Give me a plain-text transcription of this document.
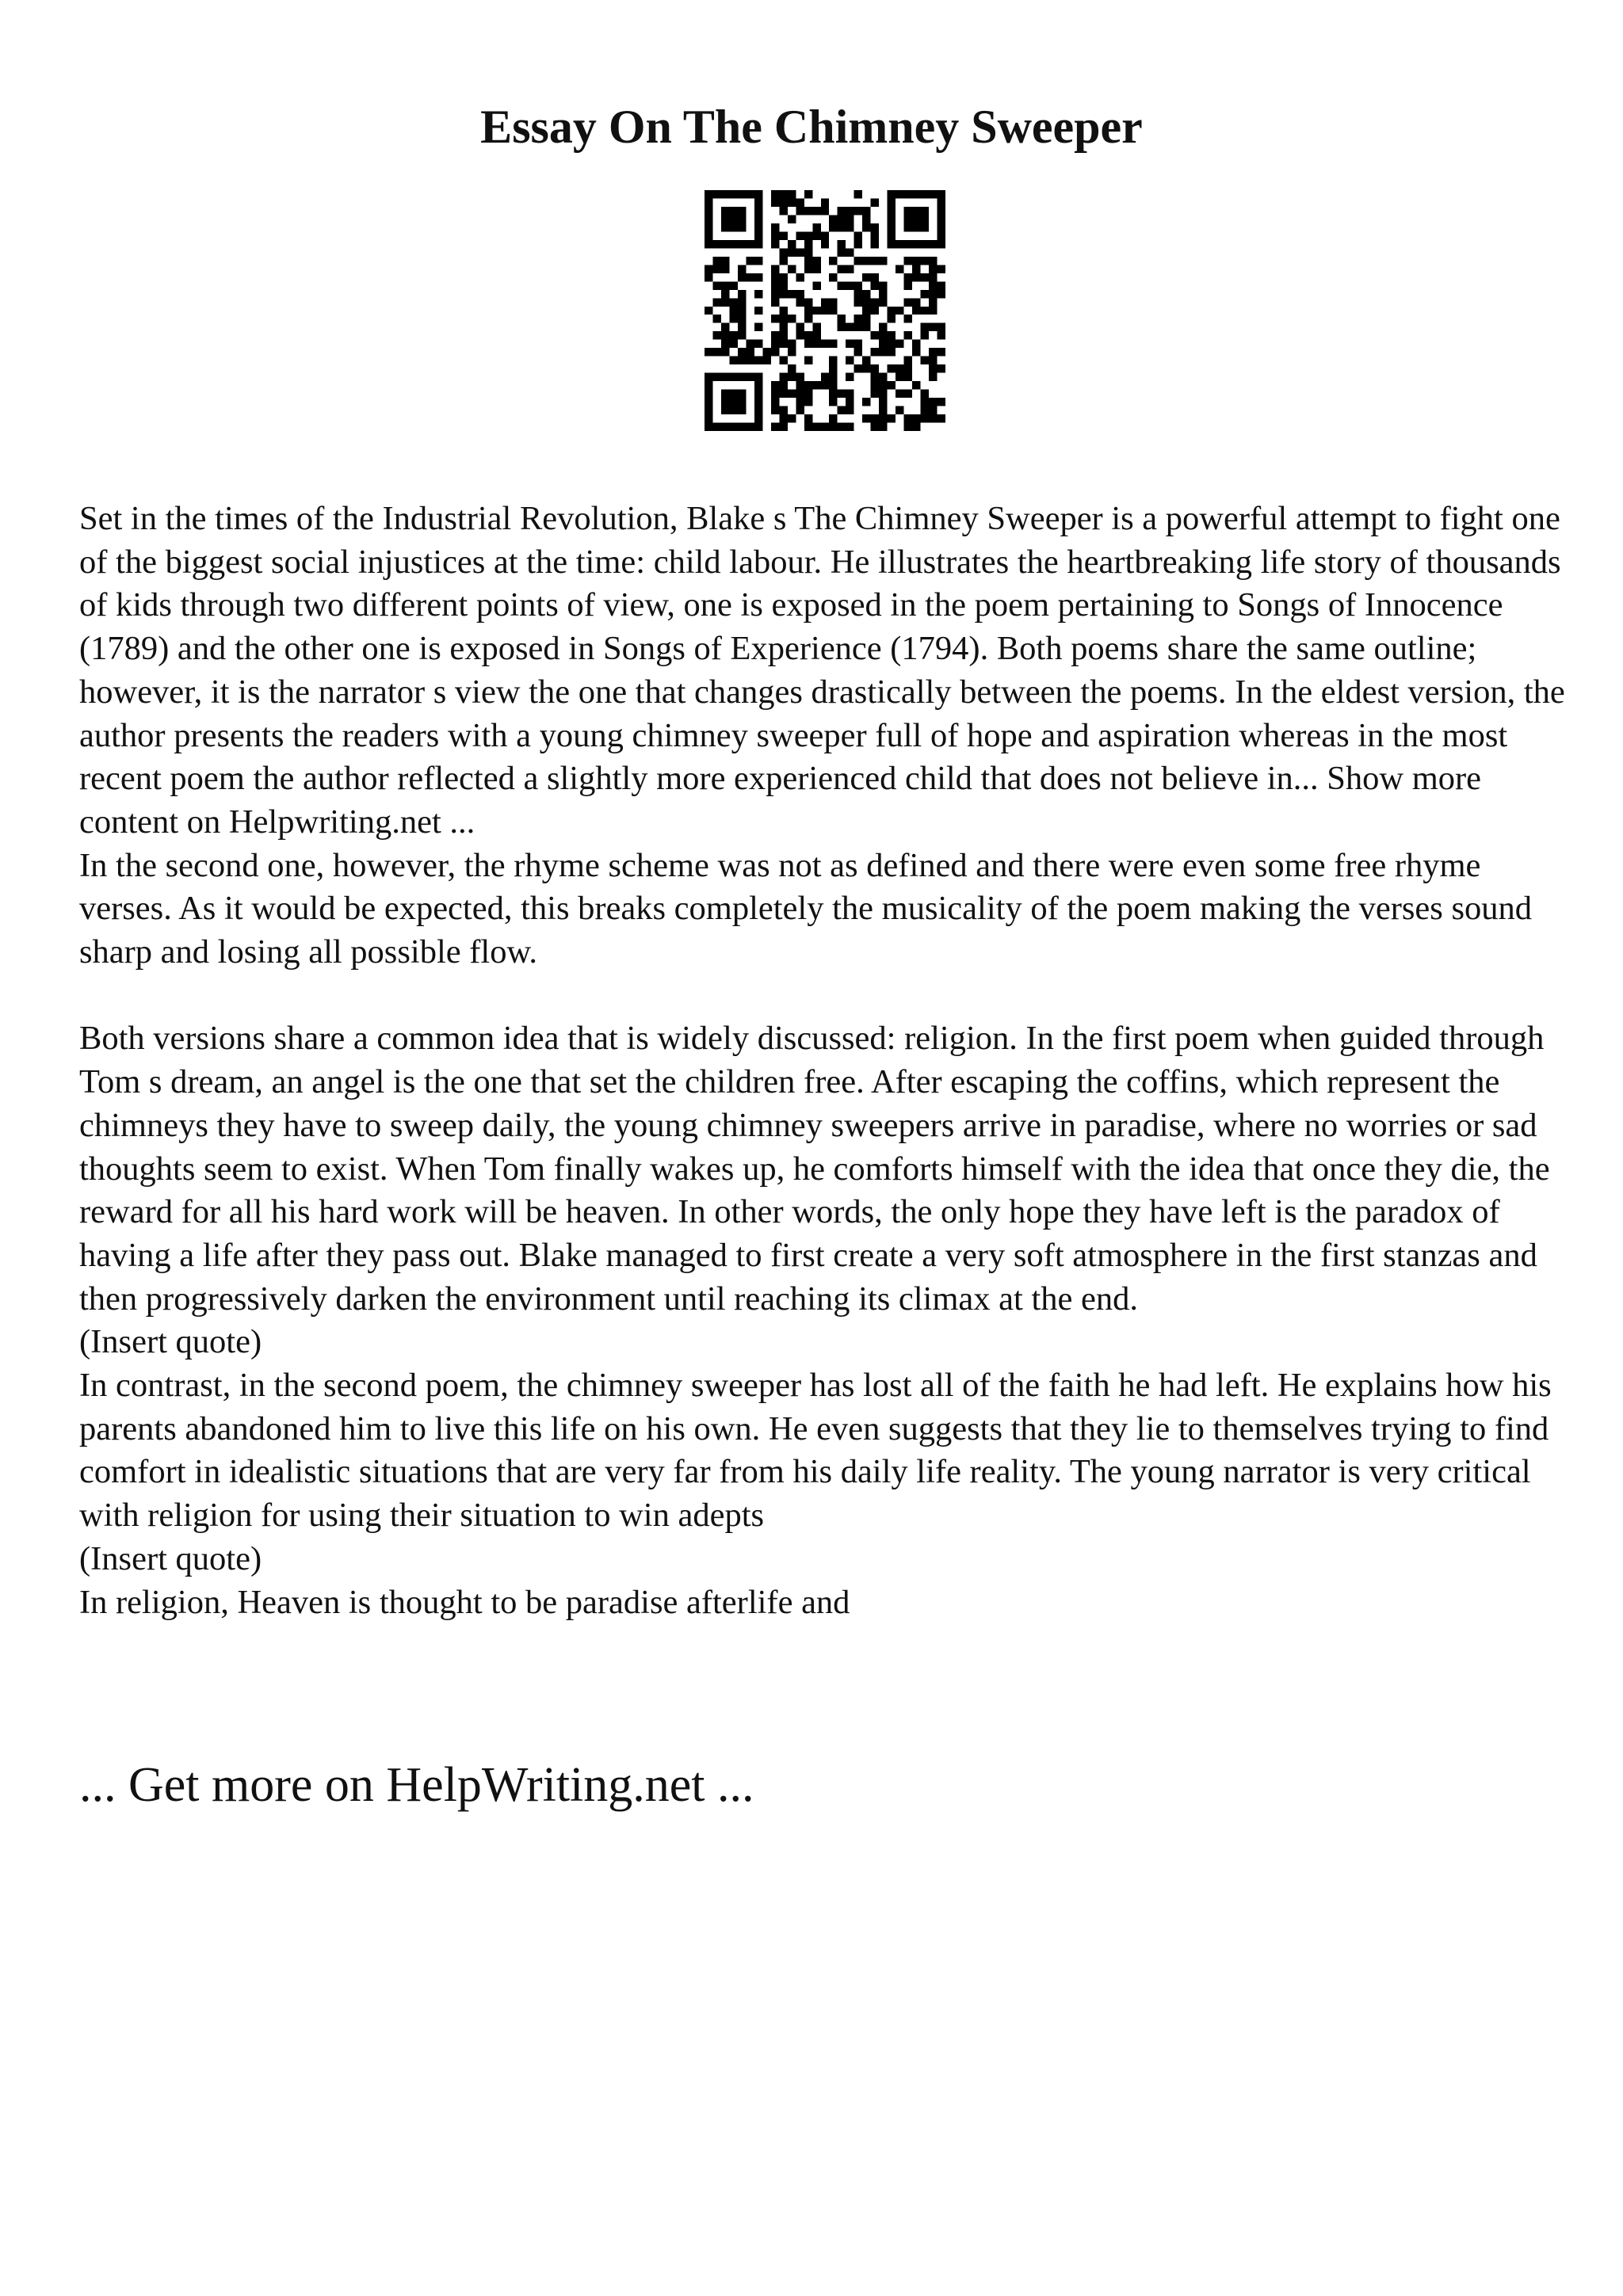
Essay On The Chimney Sweeper

Set in the times of the Industrial Revolution, Blake s The Chimney Sweeper is a powerful attempt to fight one of the biggest social injustices at the time: child labour. He illustrates the heartbreaking life story of thousands of kids through two different points of view, one is exposed in the poem pertaining to Songs of Innocence (1789) and the other one is exposed in Songs of Experience (1794). Both poems share the same outline; however, it is the narrator s view the one that changes drastically between the poems. In the eldest version, the author presents the readers with a young chimney sweeper full of hope and aspiration whereas in the most recent poem the author reflected a slightly more experienced child that does not believe in... Show more content on Helpwriting.net ...

In the second one, however, the rhyme scheme was not as defined and there were even some free rhyme verses. As it would be expected, this breaks completely the musicality of the poem making the verses sound sharp and losing all possible flow.

Both versions share a common idea that is widely discussed: religion. In the first poem when guided through Tom s dream, an angel is the one that set the children free. After escaping the coffins, which represent the chimneys they have to sweep daily, the young chimney sweepers arrive in paradise, where no worries or sad thoughts seem to exist. When Tom finally wakes up, he comforts himself with the idea that once they die, the reward for all his hard work will be heaven. In other words, the only hope they have left is the paradox of having a life after they pass out. Blake managed to first create a very soft atmosphere in the first stanzas and then progressively darken the environment until reaching its climax at the end.

(Insert quote)

In contrast, in the second poem, the chimney sweeper has lost all of the faith he had left. He explains how his parents abandoned him to live this life on his own. He even suggests that they lie to themselves trying to find comfort in idealistic situations that are very far from his daily life reality. The young narrator is very critical with religion for using their situation to win adepts

(Insert quote)

In religion, Heaven is thought to be paradise afterlife and

... Get more on HelpWriting.net ...
